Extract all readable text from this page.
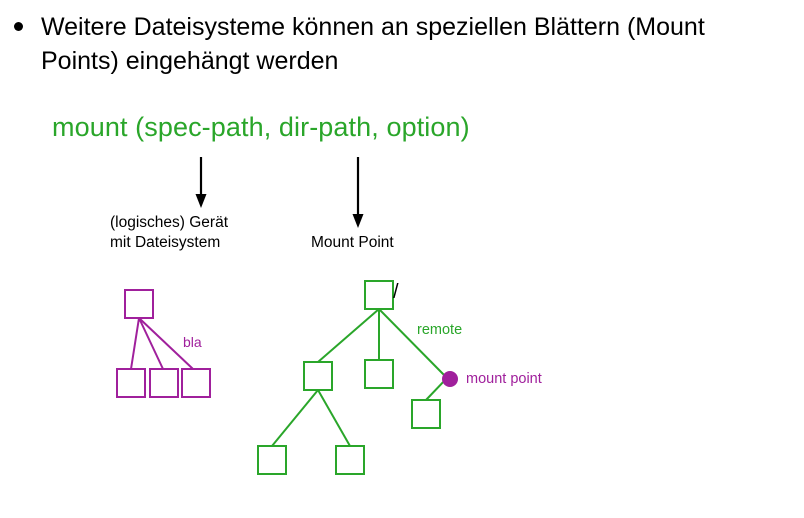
Weitere Dateisysteme können an speziellen Blättern (Mount Points) eingehängt werden
mount (spec-path, dir-path, option)
(logisches) Gerät
mit Dateisystem	Mount Point
/
bla
remote
mount point
